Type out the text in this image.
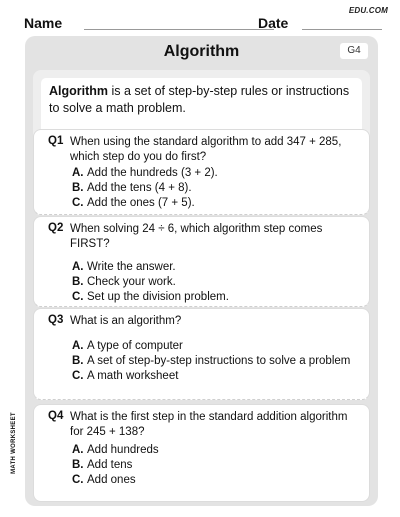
EDU.COM
Name	Date
MATH WORKSHEET
Algorithm	G4
Algorithm is a set of step-by-step rules or instructions to solve a math problem.
Q1 When using the standard algorithm to add 347 + 285, which step do you do first?
A. Add the hundreds (3 + 2).
B. Add the tens (4 + 8).
C. Add the ones (7 + 5).
Q2 When solving 24 ÷ 6, which algorithm step comes FIRST?
A. Write the answer.
B. Check your work.
C. Set up the division problem.
Q3 What is an algorithm?
A. A type of computer
B. A set of step-by-step instructions to solve a problem
C. A math worksheet
Q4 What is the first step in the standard addition algorithm for 245 + 138?
A. Add hundreds
B. Add tens
C. Add ones
